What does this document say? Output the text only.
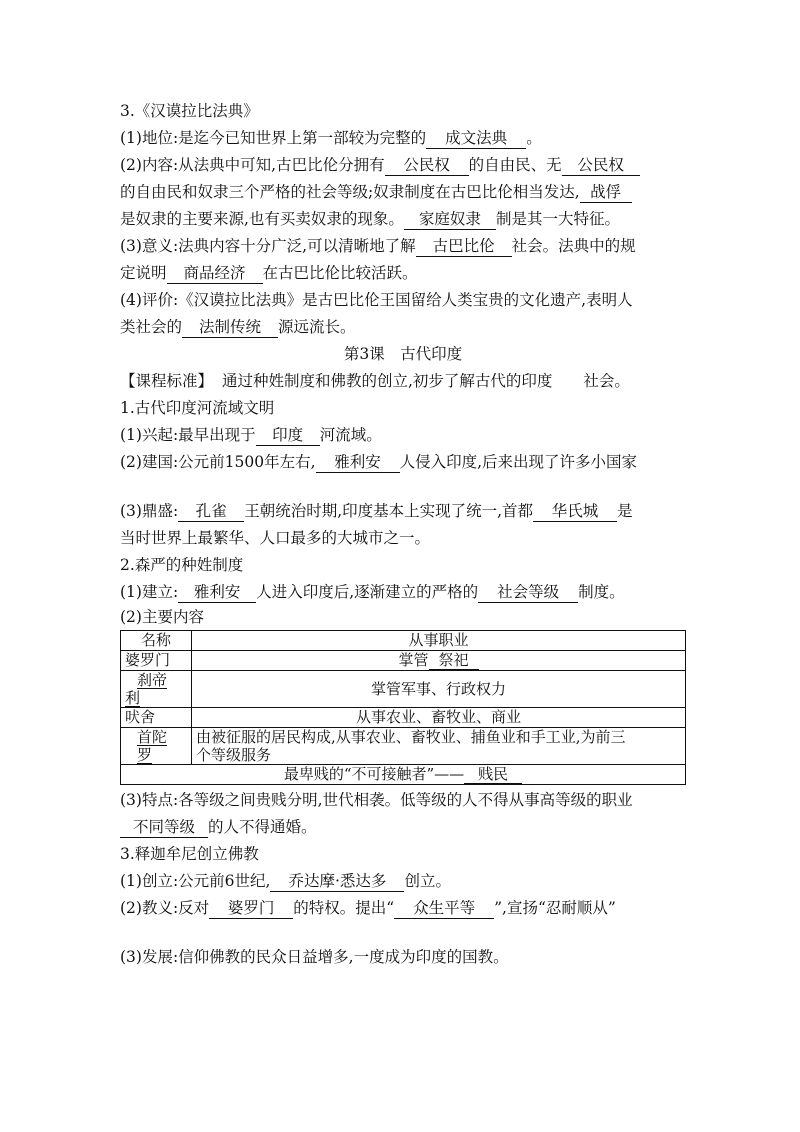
3.《汉谟拉比法典》
(1)地位:是迄今已知世界上第一部较为完整的 成文法典 。
(2)内容:从法典中可知,古巴比伦分拥有 公民权 的自由民、无 公民权
的自由民和奴隶三个严格的社会等级;奴隶制度在古巴比伦相当发达, 战俘
是奴隶的主要来源,也有买卖奴隶的现象。 家庭奴隶 制是其一大特征。
(3)意义:法典内容十分广泛,可以清晰地了解 古巴比伦 社会。法典中的规
定说明 商品经济 在古巴比伦比较活跃。
(4)评价:《汉谟拉比法典》是古巴比伦王国留给人类宝贵的文化遗产,表明人
类社会的 法制传统 源远流长。
第3课　古代印度
【课程标准】 通过种姓制度和佛教的创立,初步了解古代的印度　　社会。
1.古代印度河流域文明
(1)兴起:最早出现于 印度 河流域。
(2)建国:公元前1500年左右, 雅利安 人侵入印度,后来出现了许多小国家
(3)鼎盛: 孔雀 王朝统治时期,印度基本上实现了统一,首都 华氏城 是
当时世界上最繁华、人口最多的大城市之一。
2.森严的种姓制度
(1)建立: 雅利安 人进入印度后,逐渐建立的严格的 社会等级 制度。
(2)主要内容
名称	从事职业
婆罗门	掌管 祭祀
刹帝
利	掌管军事、行政权力
吠舍	从事农业、畜牧业、商业
首陀
罗	由被征服的居民构成,从事农业、畜牧业、捕鱼业和手工业,为前三
个等级服务
最卑贱的“不可接触者”—— 贱民	
(3)特点:各等级之间贵贱分明,世代相袭。低等级的人不得从事高等级的职业
不同等级 的人不得通婚。
3.释迦牟尼创立佛教
(1)创立:公元前6世纪, 乔达摩·悉达多 创立。
(2)教义:反对 婆罗门 的特权。提出“ 众生平等 ”,宣扬“忍耐顺从”
(3)发展:信仰佛教的民众日益增多,一度成为印度的国教。
